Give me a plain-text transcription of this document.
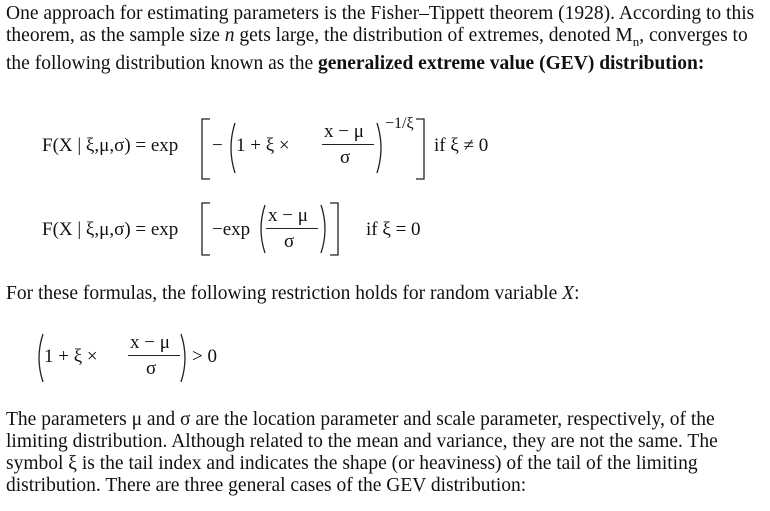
One approach for estimating parameters is the Fisher–Tippett theorem (1928). According to this theorem, as the sample size n gets large, the distribution of extremes, denoted $M_n$, converges to the following distribution known as the generalized extreme value (GEV) distribution:

F(X | ξ,μ,σ) = exp − 1 + ξ ×
x − μ
σ
−1/ξ
if ξ ≠ 0
F(X | ξ,μ,σ) = exp −exp
x − μ
σ
if ξ = 0

For these formulas, the following restriction holds for random variable X:

1 + ξ ×
x − μ
σ
> 0

The parameters μ and σ are the location parameter and scale parameter, respectively, of the limiting distribution. Although related to the mean and variance, they are not the same. The symbol ξ is the tail index and indicates the shape (or heaviness) of the tail of the limiting distribution. There are three general cases of the GEV distribution:
